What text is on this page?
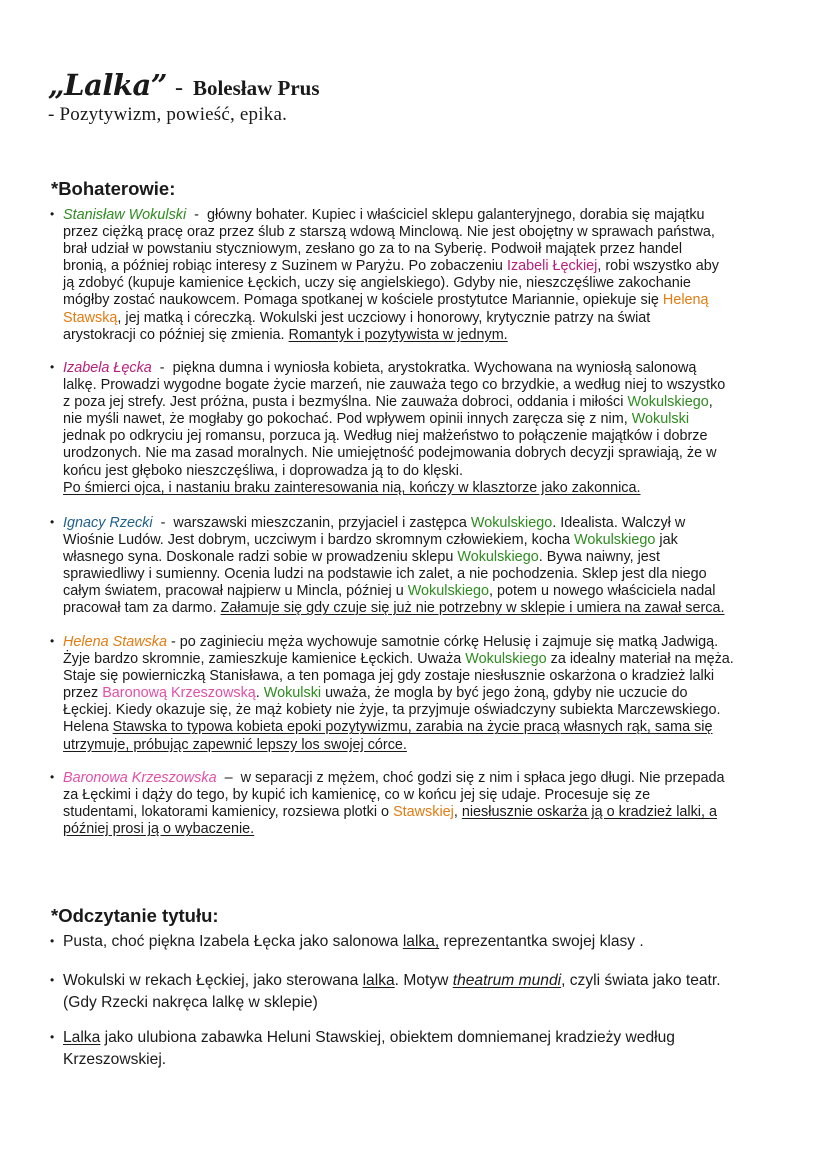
„Lalka” - Bolesław Prus
- Pozytywizm, powieść, epika.
*Bohaterowie:
• Stanisław Wokulski  -  główny bohater. Kupiec i właściciel sklepu galanteryjnego, dorabia się majątku
przez ciężką pracę oraz przez ślub z starszą wdową Minclową. Nie jest obojętny w sprawach państwa,
brał udział w powstaniu styczniowym, zesłano go za to na Syberię. Podwoił majątek przez handel
bronią, a później robiąc interesy z Suzinem w Paryżu. Po zobaczeniu Izabeli Łęckiej, robi wszystko aby
ją zdobyć (kupuje kamienice Łęckich, uczy się angielskiego). Gdyby nie, nieszczęśliwe zakochanie
mógłby zostać naukowcem. Pomaga spotkanej w kościele prostytutce Mariannie, opiekuje się Heleną
Stawską, jej matką i córeczką. Wokulski jest uczciowy i honorowy, krytycznie patrzy na świat
arystokracji co później się zmienia. Romantyk i pozytywista w jednym.
• Izabela Łęcka  -  piękna dumna i wyniosła kobieta, arystokratka. Wychowana na wyniosłą salonową
lalkę. Prowadzi wygodne bogate życie marzeń, nie zauważa tego co brzydkie, a według niej to wszystko
z poza jej strefy. Jest próżna, pusta i bezmyślna. Nie zauważa dobroci, oddania i miłości Wokulskiego,
nie myśli nawet, że mogłaby go pokochać. Pod wpływem opinii innych zaręcza się z nim, Wokulski
jednak po odkryciu jej romansu, porzuca ją. Według niej małżeństwo to połączenie majątków i dobrze
urodzonych. Nie ma zasad moralnych. Nie umiejętność podejmowania dobrych decyzji sprawiają, że w
końcu jest głęboko nieszczęśliwa, i doprowadza ją to do klęski.
Po śmierci ojca, i nastaniu braku zainteresowania nią, kończy w klasztorze jako zakonnica.
• Ignacy Rzecki  -  warszawski mieszczanin, przyjaciel i zastępca Wokulskiego. Idealista. Walczył w
Wiośnie Ludów. Jest dobrym, uczciwym i bardzo skromnym człowiekiem, kocha Wokulskiego jak
własnego syna. Doskonale radzi sobie w prowadzeniu sklepu Wokulskiego. Bywa naiwny, jest
sprawiedliwy i sumienny. Ocenia ludzi na podstawie ich zalet, a nie pochodzenia. Sklep jest dla niego
całym światem, pracował najpierw u Mincla, później u Wokulskiego, potem u nowego właściciela nadal
pracował tam za darmo. Załamuje się gdy czuje się już nie potrzebny w sklepie i umiera na zawał serca.
• Helena Stawska - po zaginieciu męża wychowuje samotnie córkę Helusię i zajmuje się matką Jadwigą.
Żyje bardzo skromnie, zamieszkuje kamienice Łęckich. Uważa Wokulskiego za idealny materiał na męża.
Staje się powierniczką Stanisława, a ten pomaga jej gdy zostaje niesłusznie oskarżona o kradzież lalki
przez Baronową Krzeszowską. Wokulski uważa, że mogla by być jego żoną, gdyby nie uczucie do
Łęckiej. Kiedy okazuje się, że mąż kobiety nie żyje, ta przyjmuje oświadczyny subiekta Marczewskiego.
Helena Stawska to typowa kobieta epoki pozytywizmu, zarabia na życie pracą własnych rąk, sama się
utrzymuje, próbując zapewnić lepszy los swojej córce.
• Baronowa Krzeszowska  –  w separacji z mężem, choć godzi się z nim i spłaca jego długi. Nie przepada
za Łęckimi i dąży do tego, by kupić ich kamienicę, co w końcu jej się udaje. Procesuje się ze
studentami, lokatorami kamienicy, rozsiewa plotki o Stawskiej, niesłusznie oskarża ją o kradzież lalki, a
później prosi ją o wybaczenie.
*Odczytanie tytułu:
• Pusta, choć piękna Izabela Łęcka jako salonowa lalka, reprezentantka swojej klasy .
• Wokulski w rekach Łęckiej, jako sterowana lalka. Motyw theatrum mundi, czyli świata jako teatr.
(Gdy Rzecki nakręca lalkę w sklepie)
• Lalka jako ulubiona zabawka Heluni Stawskiej, obiektem domniemanej kradzieży według
Krzeszowskiej.
